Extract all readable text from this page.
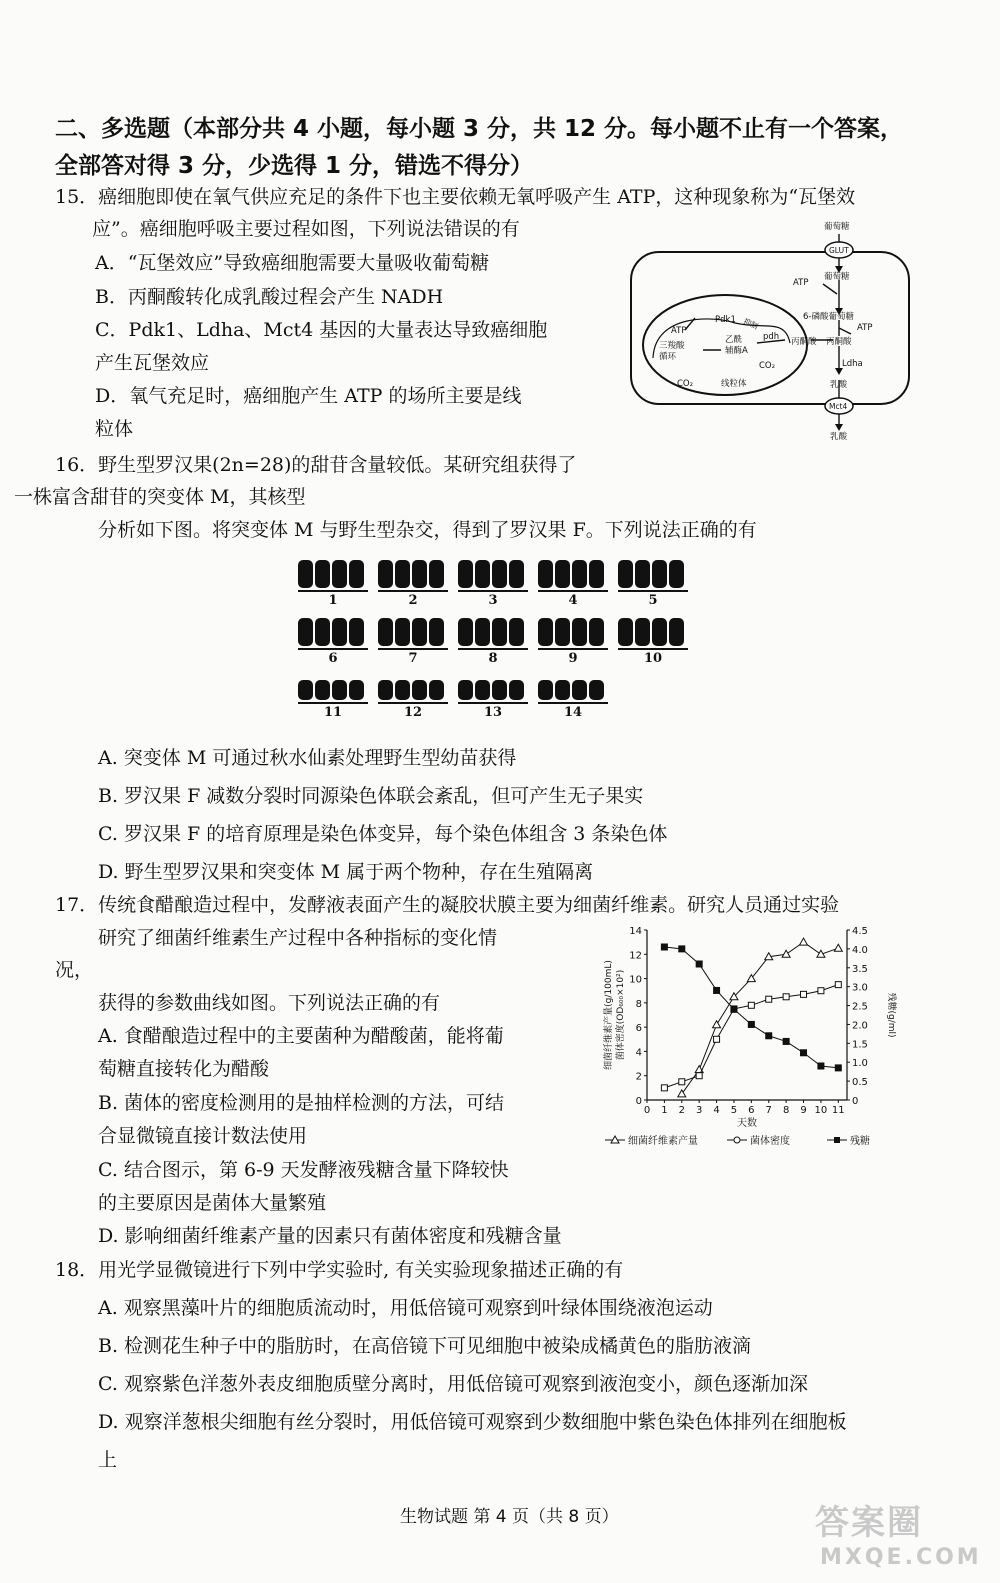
二、多选题（本部分共 4 小题，每小题 3 分，共 12 分。每小题不止有一个答案，
全部答对得 3 分，少选得 1 分，错选不得分）
15．癌细胞即使在氧气供应充足的条件下也主要依赖无氧呼吸产生 ATP，这种现象称为“瓦堡效
应”。癌细胞呼吸主要过程如图，下列说法错误的有
A．“瓦堡效应”导致癌细胞需要大量吸收葡萄糖
B．丙酮酸转化成乳酸过程会产生 NADH
C．Pdk1、Ldha、Mct4 基因的大量表达导致癌细胞
产生瓦堡效应
D．氧气充足时，癌细胞产生 ATP 的场所主要是线
粒体
葡萄糖
GLUT
葡萄糖
ATP
6-磷酸葡萄糖
ATP
丙酮酸
Ldha
乳酸
Mct4
乳酸
ATP
Pdk1 抑制
pdh 丙酮酸
乙酰
辅酶A
CO₂
三羧酸
循环
CO₂	线粒体
16．野生型罗汉果(2n=28)的甜苷含量较低。某研究组获得了
一株富含甜苷的突变体 M，其核型
分析如下图。将突变体 M 与野生型杂交，得到了罗汉果 F。下列说法正确的有
1	2	3	4	5
6	7	8	9	10
11	12	13	14
A. 突变体 M 可通过秋水仙素处理野生型幼苗获得
B. 罗汉果 F 减数分裂时同源染色体联会紊乱，但可产生无子果实
C. 罗汉果 F 的培育原理是染色体变异，每个染色体组含 3 条染色体
D. 野生型罗汉果和突变体 M 属于两个物种，存在生殖隔离
17．传统食醋酿造过程中，发酵液表面产生的凝胶状膜主要为细菌纤维素。研究人员通过实验
研究了细菌纤维素生产过程中各种指标的变化情
况，
获得的参数曲线如图。下列说法正确的有
A. 食醋酿造过程中的主要菌种为醋酸菌，能将葡
萄糖直接转化为醋酸
B. 菌体的密度检测用的是抽样检测的方法，可结
合显微镜直接计数法使用
C. 结合图示，第 6-9 天发酵液残糖含量下降较快
的主要原因是菌体大量繁殖
D. 影响细菌纤维素产量的因素只有菌体密度和残糖含量
0 1 2 3 4 5 6 7 8 9 10 11
0
2
4
6
8
10
12
14
0
0.5
1.0
1.5
2.0
2.5
3.0
3.5
4.0
4.5
天数
细菌纤维素产量(g/100mL) 菌体密度(OD₆₀₀×10²)	残糖(g/ml)
细菌纤维素产量	菌体密度	残糖
18．用光学显微镜进行下列中学实验时, 有关实验现象描述正确的有
A. 观察黑藻叶片的细胞质流动时，用低倍镜可观察到叶绿体围绕液泡运动
B. 检测花生种子中的脂肪时，在高倍镜下可见细胞中被染成橘黄色的脂肪液滴
C. 观察紫色洋葱外表皮细胞质壁分离时，用低倍镜可观察到液泡变小，颜色逐渐加深
D. 观察洋葱根尖细胞有丝分裂时，用低倍镜可观察到少数细胞中紫色染色体排列在细胞板
上
生物试题 第 4 页（共 8 页）	答案圈
MXQE.COM
